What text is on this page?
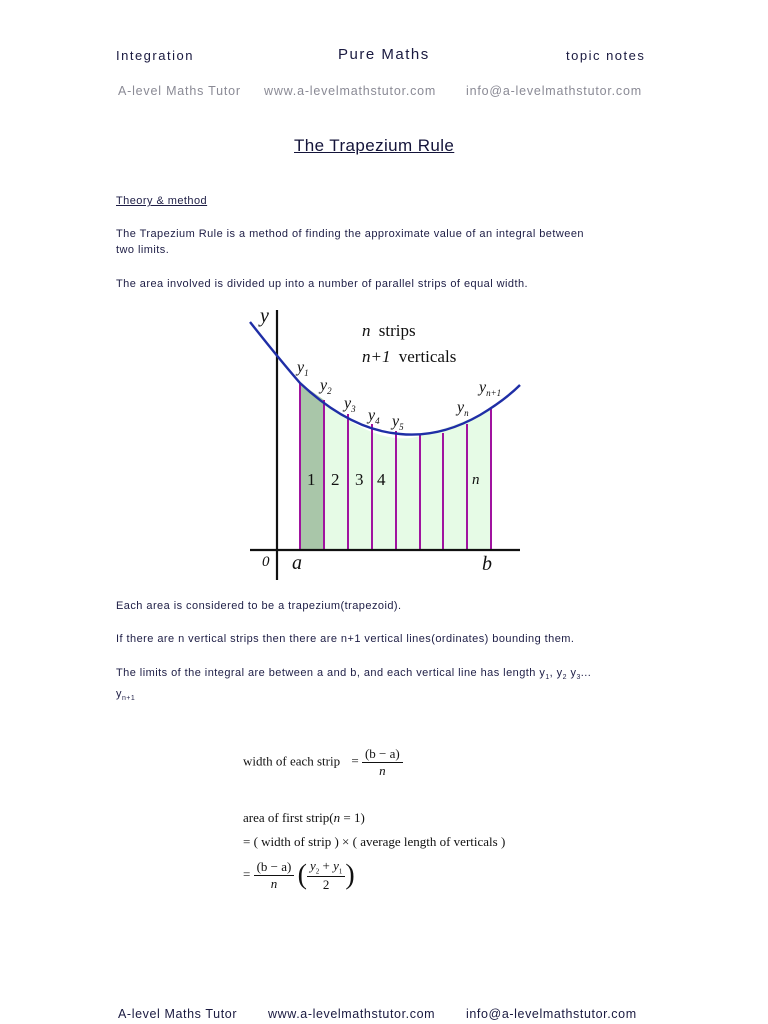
Integration	Pure Maths	topic notes
A-level Maths Tutor www.a-levelmathstutor.com info@a-levelmathstutor.com
The Trapezium Rule
Theory & method
The Trapezium Rule is a method of finding the approximate value of an integral between
two limits.
The area involved is divided up into a number of parallel strips of equal width.
y
0 a	b
n strips
n+1 verticals
$y_1$
$y_2$
$y_3$ $y_4$ $y_5$
$y_n$
$y_{n+1}$
1 2 3 4	n
Each area is considered to be a trapezium(trapezoid).
If there are n vertical strips then there are n+1 vertical lines(ordinates) bounding them.
The limits of the integral are between a and b, and each vertical line has length $y_1$, $y_2$ $y_3$...
$y_{n+1}$
width of each strip = $\frac{(b - a)}{n}$
area of first strip(n = 1)
= ( width of strip ) × ( average length of verticals )
= $\frac{(b - a)}{n}$ ( $\frac{y_2 + y_1}{2}$ )
A-level Maths Tutor www.a-levelmathstutor.com info@a-levelmathstutor.com
